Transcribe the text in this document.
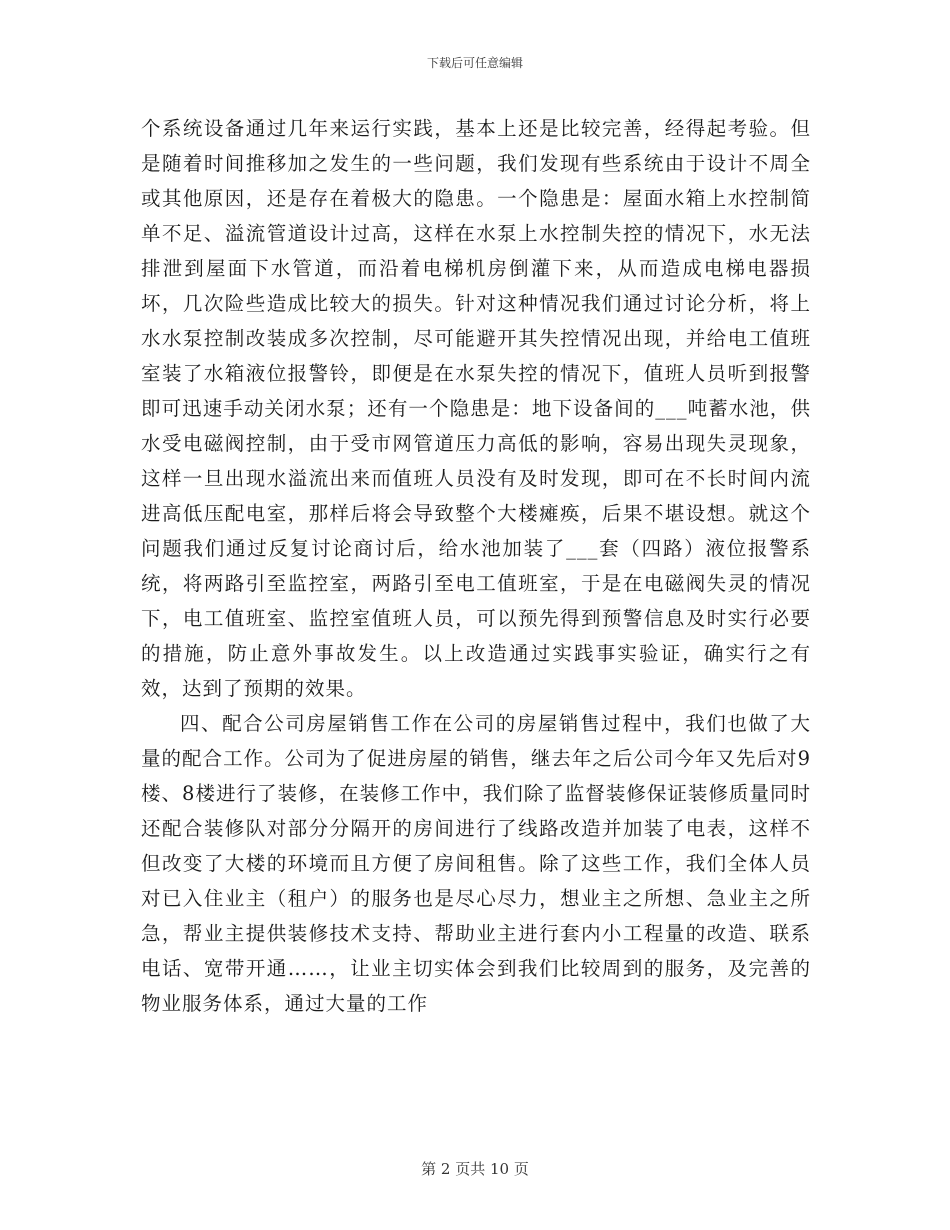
下载后可任意编辑

个系统设备通过几年来运行实践，基本上还是比较完善，经得起考验。但是随着时间推移加之发生的一些问题，我们发现有些系统由于设计不周全或其他原因，还是存在着极大的隐患。一个隐患是：屋面水箱上水控制简单不足、溢流管道设计过高，这样在水泵上水控制失控的情况下，水无法排泄到屋面下水管道，而沿着电梯机房倒灌下来，从而造成电梯电器损坏，几次险些造成比较大的损失。针对这种情况我们通过讨论分析，将上水水泵控制改装成多次控制，尽可能避开其失控情况出现，并给电工值班室装了水箱液位报警铃，即便是在水泵失控的情况下，值班人员听到报警即可迅速手动关闭水泵；还有一个隐患是：地下设备间的___吨蓄水池，供水受电磁阀控制，由于受市网管道压力高低的影响，容易出现失灵现象，这样一旦出现水溢流出来而值班人员没有及时发现，即可在不长时间内流进高低压配电室，那样后将会导致整个大楼瘫痪，后果不堪设想。就这个问题我们通过反复讨论商讨后，给水池加装了___套（四路）液位报警系统，将两路引至监控室，两路引至电工值班室，于是在电磁阀失灵的情况下，电工值班室、监控室值班人员，可以预先得到预警信息及时实行必要的措施，防止意外事故发生。以上改造通过实践事实验证，确实行之有效，达到了预期的效果。

四、配合公司房屋销售工作在公司的房屋销售过程中，我们也做了大量的配合工作。公司为了促进房屋的销售，继去年之后公司今年又先后对9楼、8楼进行了装修，在装修工作中，我们除了监督装修保证装修质量同时还配合装修队对部分分隔开的房间进行了线路改造并加装了电表，这样不但改变了大楼的环境而且方便了房间租售。除了这些工作，我们全体人员对已入住业主（租户）的服务也是尽心尽力，想业主之所想、急业主之所急，帮业主提供装修技术支持、帮助业主进行套内小工程量的改造、联系电话、宽带开通……，让业主切实体会到我们比较周到的服务，及完善的物业服务体系，通过大量的工作

第 2 页共 10 页
